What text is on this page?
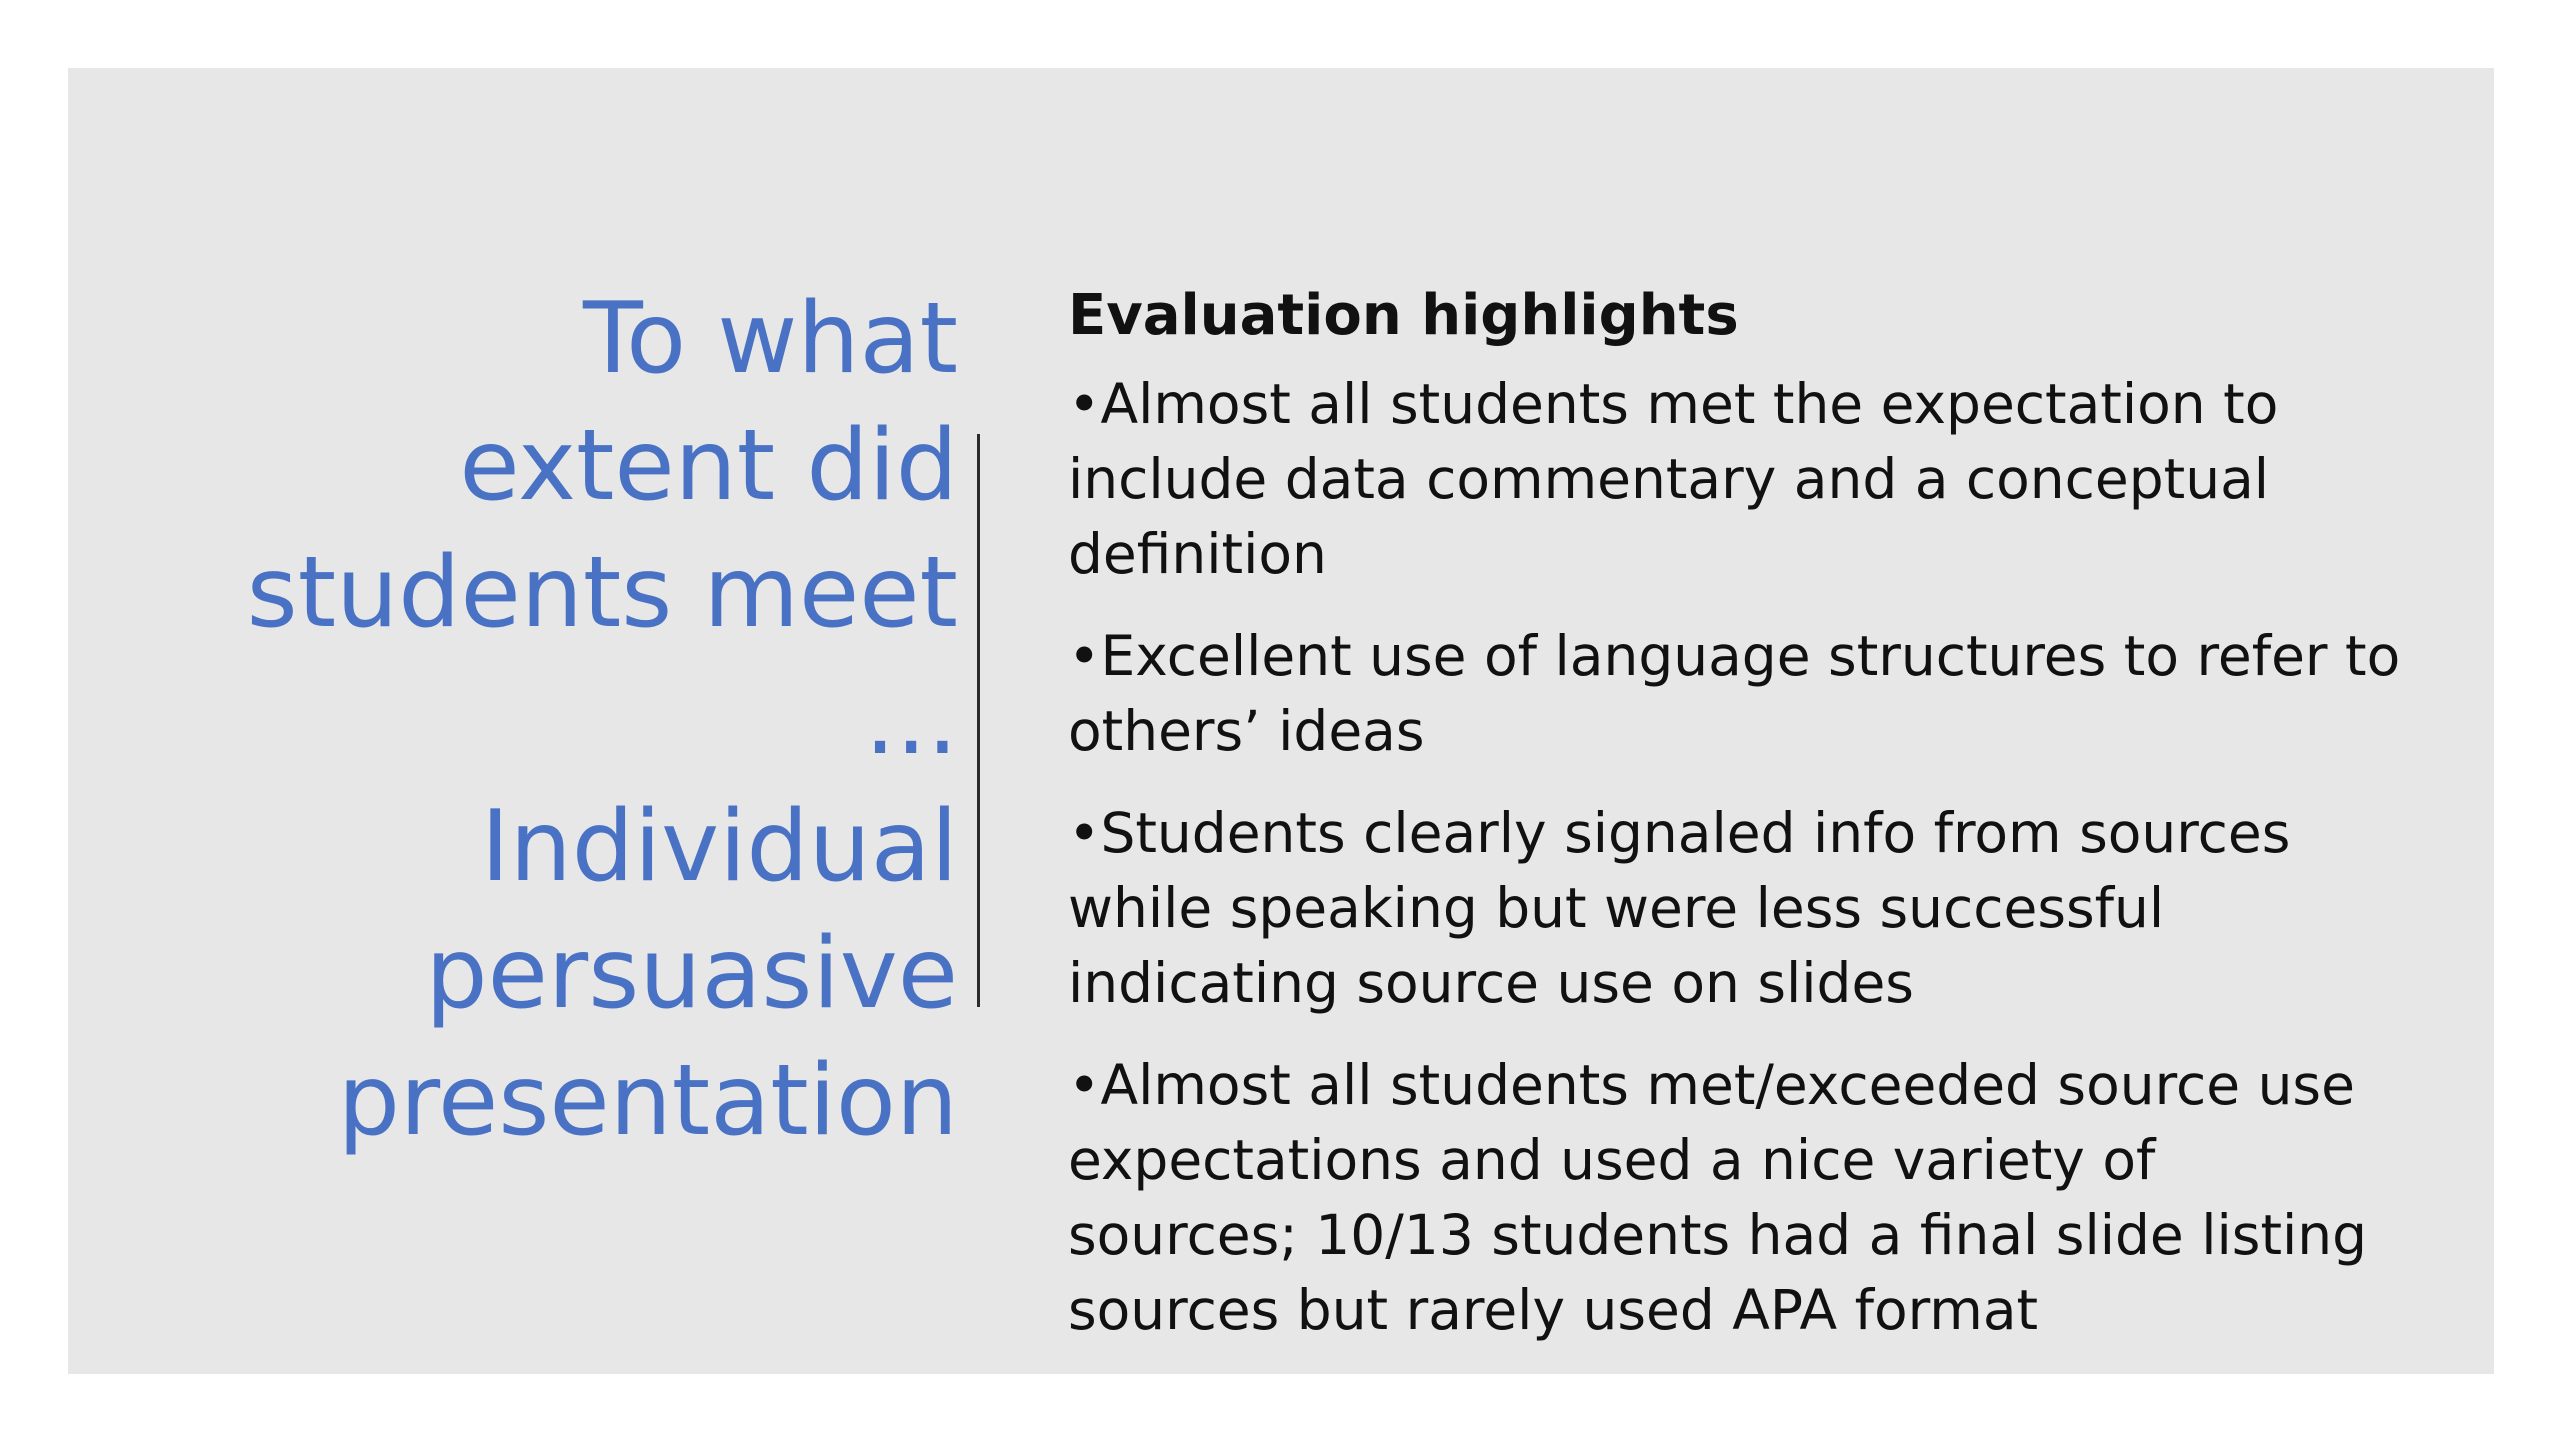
To what
extent did
students meet
...
Individual
persuasive
presentation
Evaluation highlights
•Almost all students met the expectation to
include data commentary and a conceptual
definition
•Excellent use of language structures to refer to
others’ ideas
•Students clearly signaled info from sources
while speaking but were less successful
indicating source use on slides
•Almost all students met/exceeded source use
expectations and used a nice variety of
sources; 10/13 students had a final slide listing
sources but rarely used APA format
